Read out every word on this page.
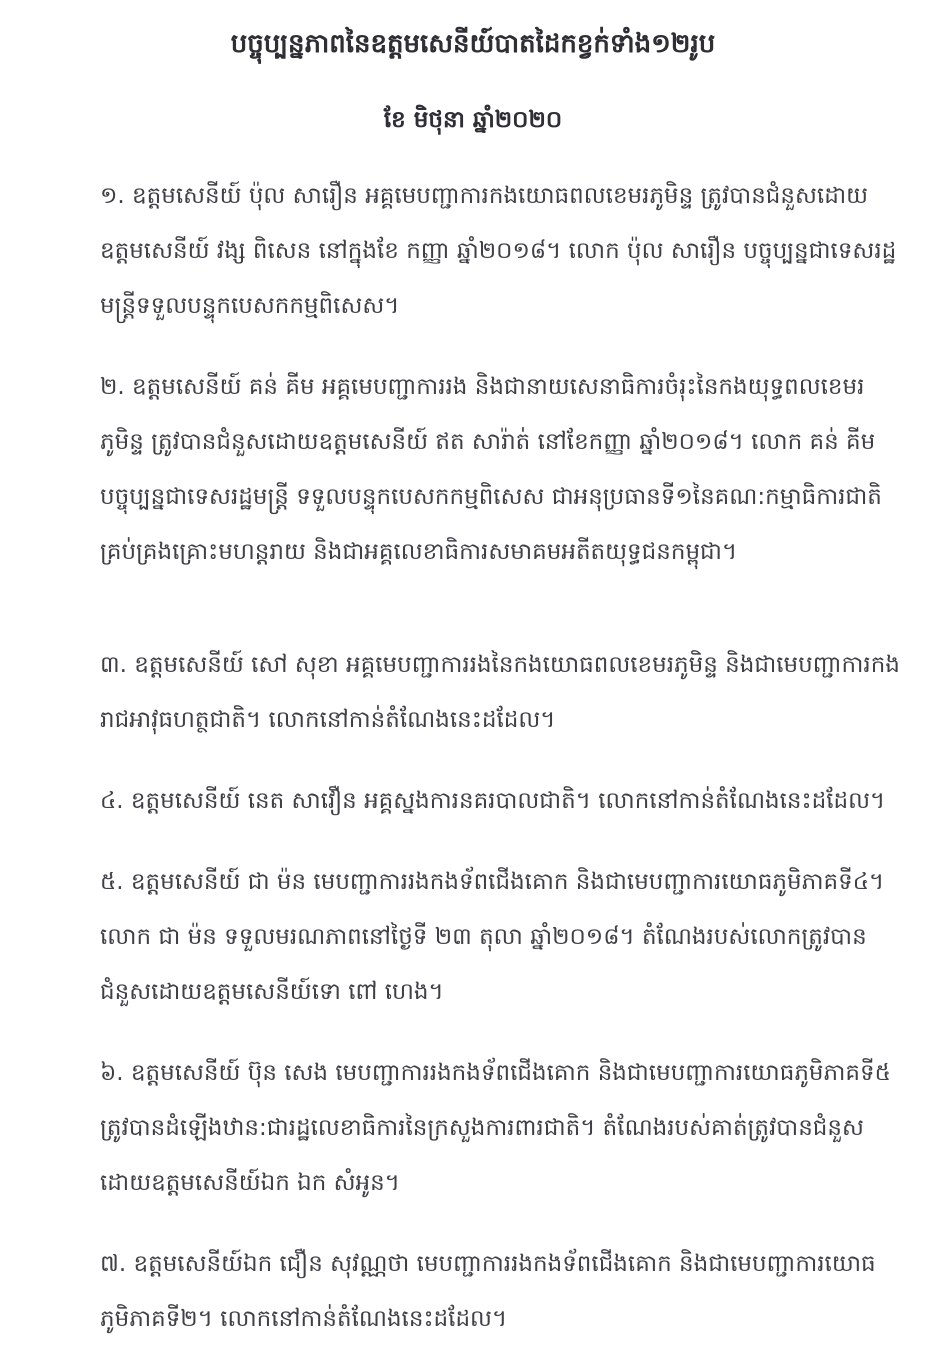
បច្ចុប្បន្នភាពនៃឧត្តមសេនីយ៍បាតដៃកខ្វក់ទាំង១២រូប
ខែ មិថុនា ឆ្នាំ២០២០

១. ឧត្តមសេនីយ៍ ប៉ុល សារឿន អគ្គមេបញ្ជាការកងយោធពលខេមរភូមិន្ទ ត្រូវបានជំនួសដោយឧត្តមសេនីយ៍ វង្ស ពិសេន នៅក្នុងខែ កញ្ញា ឆ្នាំ២០១៨។ លោក ប៉ុល សារឿន បច្ចុប្បន្នជាទេសរដ្ឋមន្ត្រីទទួលបន្ទុកបេសកកម្មពិសេស។

២. ឧត្តមសេនីយ៍ គន់ គីម អគ្គមេបញ្ជាការរង និងជានាយសេនាធិការចំរុះនៃកងយុទ្ធពលខេមរភូមិន្ទ ត្រូវបានជំនួសដោយឧត្តមសេនីយ៍ ឥត សារ៉ាត់ នៅខែកញ្ញា ឆ្នាំ២០១៨។ លោក គន់ គីម បច្ចុប្បន្នជាទេសរដ្ឋមន្ត្រី ទទួលបន្ទុកបេសកកម្មពិសេស ជាអនុប្រធានទី១នៃគណ:កម្មាធិការជាតិគ្រប់គ្រងគ្រោះមហន្តរាយ និងជាអគ្គលេខាធិការសមាគមអតីតយុទ្ធជនកម្ពុជា។

៣. ឧត្តមសេនីយ៍ សៅ សុខា អគ្គមេបញ្ជាការរងនៃកងយោធពលខេមរភូមិន្ទ និងជាមេបញ្ជាការកងរាជអាវុធហត្ថជាតិ។ លោកនៅកាន់តំណែងនេះដដែល។

៤. ឧត្តមសេនីយ៍ នេត សាវឿន អគ្គស្នងការនគរបាលជាតិ។ លោកនៅកាន់តំណែងនេះដដែល។

៥. ឧត្តមសេនីយ៍ ជា ម៉ន មេបញ្ជាការរងកងទ័ពជើងគោក និងជាមេបញ្ជាការយោធភូមិភាគទី៤។ លោក ជា ម៉ន ទទួលមរណភាពនៅថ្ងៃទី ២៣ តុលា ឆ្នាំ២០១៨។ តំណែងរបស់លោកត្រូវបានជំនួសដោយឧត្តមសេនីយ៍ទោ ពៅ ហេង។

៦. ឧត្តមសេនីយ៍ ប៊ុន សេង មេបញ្ជាការរងកងទ័ពជើងគោក និងជាមេបញ្ជាការយោធភូមិភាគទី៥ ត្រូវបានដំឡើងឋាន:ជារដ្ឋលេខាធិការនៃក្រសួងការពារជាតិ។ តំណែងរបស់គាត់ត្រូវបានជំនួសដោយឧត្តមសេនីយ៍ឯក ឯក សំអូន។

៧. ឧត្តមសេនីយ៍ឯក ជឿន សុវណ្ណថា មេបញ្ជាការរងកងទ័ពជើងគោក និងជាមេបញ្ជាការយោធភូមិភាគទី២។ លោកនៅកាន់តំណែងនេះដដែល។
